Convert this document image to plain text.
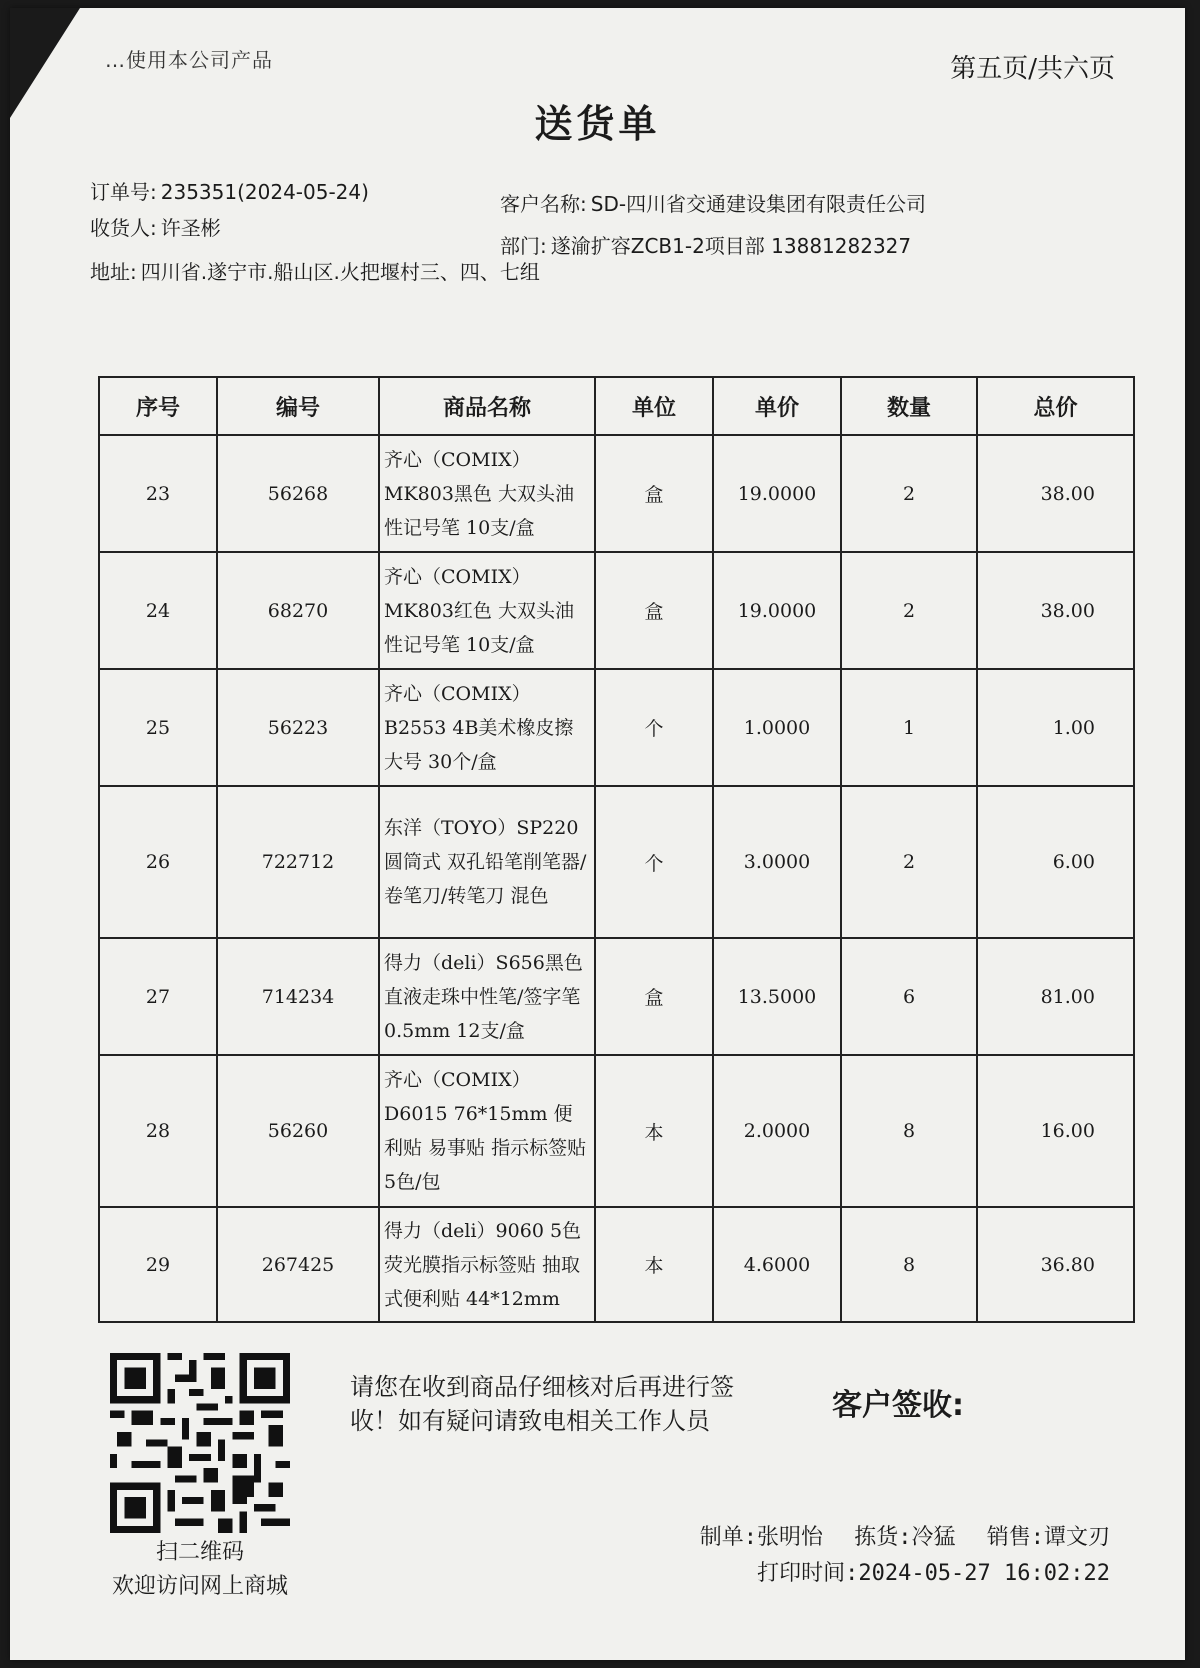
…使用本公司产品	第五页/共六页
送货单
订单号: 235351(2024-05-24)
收货人: 许圣彬
地址: 四川省.遂宁市.船山区.火把堰村三、四、七组
客户名称: SD-四川省交通建设集团有限责任公司
部门: 遂渝扩容ZCB1-2项目部 13881282327
序号	编号	商品名称	单位	单价	数量	总价
23	56268	齐心（COMIX）MK803黑色 大双头油性记号笔 10支/盒	盒	19.0000	2	38.00
24	68270	齐心（COMIX）MK803红色 大双头油性记号笔 10支/盒	盒	19.0000	2	38.00
25	56223	齐心（COMIX）B2553 4B美术橡皮擦大号 30个/盒	个	1.0000	1	1.00
26	722712	东洋（TOYO）SP220 圆筒式 双孔铅笔削笔器/卷笔刀/转笔刀 混色	个	3.0000	2	6.00
27	714234	得力（deli）S656黑色 直液走珠中性笔/签字笔 0.5mm 12支/盒	盒	13.5000	6	81.00
28	56260	齐心（COMIX）D6015 76*15mm 便利贴 易事贴 指示标签贴 5色/包	本	2.0000	8	16.00
29	267425	得力（deli）9060 5色荧光膜指示标签贴 抽取式便利贴 44*12mm	本	4.6000	8	36.80
扫二维码
欢迎访问网上商城
请您在收到商品仔细核对后再进行签收！如有疑问请致电相关工作人员	客户签收:
制单:张明怡 拣货:冷猛 销售:谭文刃
打印时间:2024-05-27 16:02:22
